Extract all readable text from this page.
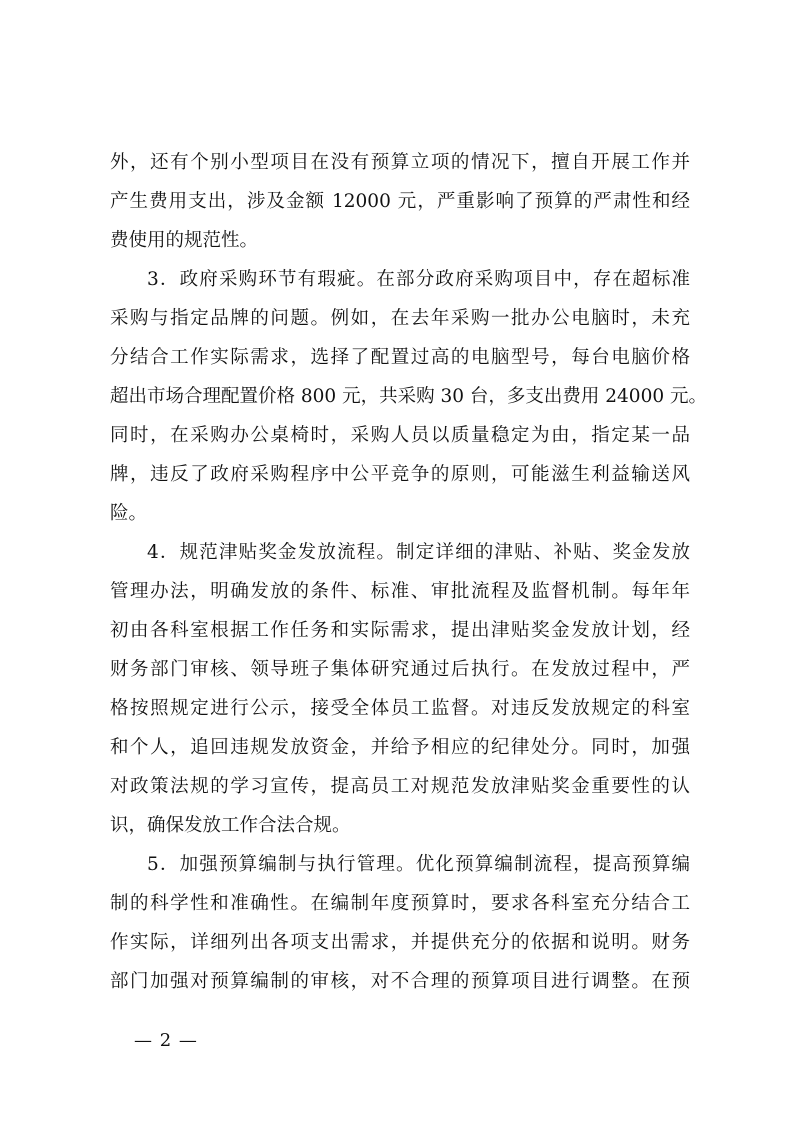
外，还有个别小型项目在没有预算立项的情况下，擅自开展工作并
产生费用支出，涉及金额 12000 元，严重影响了预算的严肃性和经
费使用的规范性。
3．政府采购环节有瑕疵。在部分政府采购项目中，存在超标准
采购与指定品牌的问题。例如，在去年采购一批办公电脑时，未充
分结合工作实际需求，选择了配置过高的电脑型号，每台电脑价格
超出市场合理配置价格 800 元，共采购 30 台，多支出费用 24000 元。
同时，在采购办公桌椅时，采购人员以质量稳定为由，指定某一品
牌，违反了政府采购程序中公平竞争的原则，可能滋生利益输送风
险。
4．规范津贴奖金发放流程。制定详细的津贴、补贴、奖金发放
管理办法，明确发放的条件、标准、审批流程及监督机制。每年年
初由各科室根据工作任务和实际需求，提出津贴奖金发放计划，经
财务部门审核、领导班子集体研究通过后执行。在发放过程中，严
格按照规定进行公示，接受全体员工监督。对违反发放规定的科室
和个人，追回违规发放资金，并给予相应的纪律处分。同时，加强
对政策法规的学习宣传，提高员工对规范发放津贴奖金重要性的认
识，确保发放工作合法合规。
5．加强预算编制与执行管理。优化预算编制流程，提高预算编
制的科学性和准确性。在编制年度预算时，要求各科室充分结合工
作实际，详细列出各项支出需求，并提供充分的依据和说明。财务
部门加强对预算编制的审核，对不合理的预算项目进行调整。在预
— 2 —
